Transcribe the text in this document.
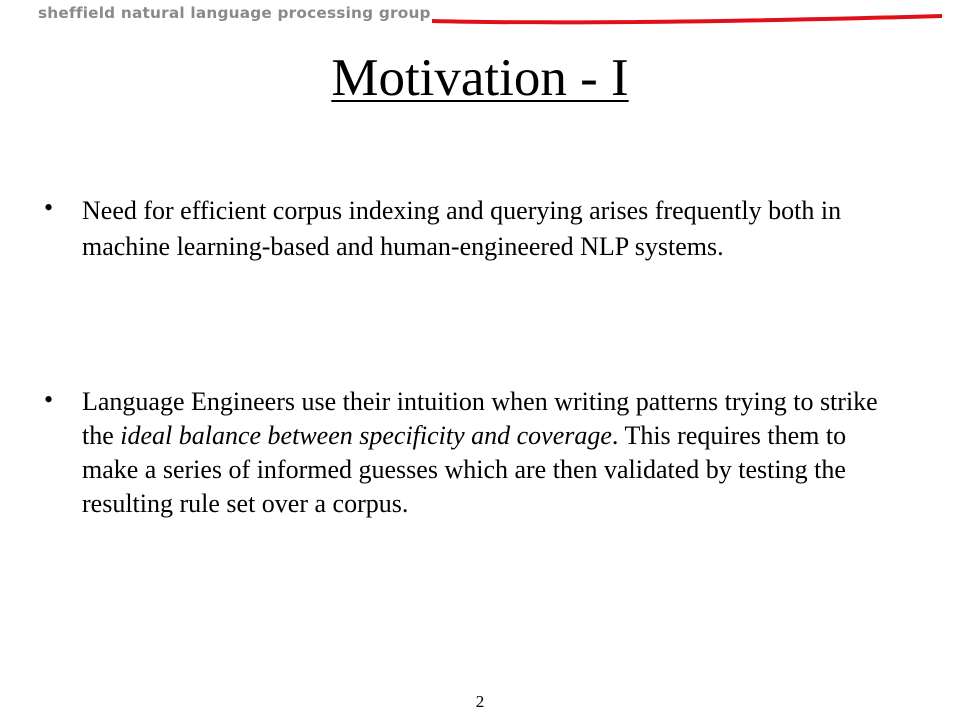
sheffield natural language processing group
Motivation - I
• Need for efficient corpus indexing and querying arises frequently both in machine learning-based and human-engineered NLP systems.
• Language Engineers use their intuition when writing patterns trying to strike the ideal balance between specificity and coverage. This requires them to make a series of informed guesses which are then validated by testing the resulting rule set over a corpus.
2
